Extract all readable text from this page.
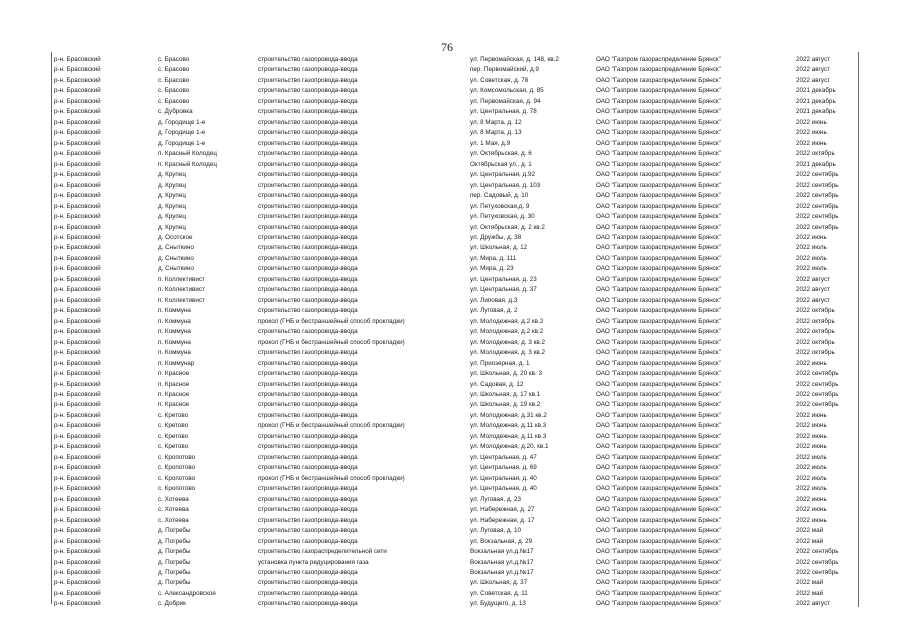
76
р-н. Брасовский	с. Брасово	строительство газопровода-ввода	ул. Первомайская, д. 148, кв.2	ОАО "Газпром газораспределение Брянск"	2022 август
р-н. Брасовский	с. Брасово	строительство газопровода-ввода	пер. Первомайский, д.9	ОАО "Газпром газораспределение Брянск"	2022 август
р-н. Брасовский	с. Брасово	строительство газопровода-ввода	ул. Советская, д. 78	ОАО "Газпром газораспределение Брянск"	2022 август
р-н. Брасовский	с. Брасово	строительство газопровода-ввода	ул. Комсомольская, д. 85	ОАО "Газпром газораспределение Брянск"	2021 декабрь
р-н. Брасовский	с. Брасово	строительство газопровода-ввода	ул. Первомайская, д. 94	ОАО "Газпром газораспределение Брянск"	2021 декабрь
р-н. Брасовский	с. Дубровка	строительство газопровода-ввода	ул. Центральная, д. 78	ОАО "Газпром газораспределение Брянск"	2021 декабрь
р-н. Брасовский	д. Городище 1-е	строительство газопровода-ввода	ул. 8 Марта, д. 12	ОАО "Газпром газораспределение Брянск"	2022 июнь
р-н. Брасовский	д. Городище 1-е	строительство газопровода-ввода	ул. 8 Марта, д. 13	ОАО "Газпром газораспределение Брянск"	2022 июнь
р-н. Брасовский	д. Городище 1-е	строительство газопровода-ввода	ул. 1 Мая, д.9	ОАО "Газпром газораспределение Брянск"	2022 июнь
р-н. Брасовский	п. Красный Колодец	строительство газопровода-ввода	ул. Октябрьская, д. 6	ОАО "Газпром газораспределение Брянск"	2022 октябрь
р-н. Брасовский	п. Красный Колодец	строительство газопровода-ввода	Октябрьская ул., д. 1	ОАО "Газпром газораспределение Брянск"	2021 декабрь
р-н. Брасовский	д. Крупец	строительство газопровода-ввода	ул. Центральная, д.92	ОАО "Газпром газораспределение Брянск"	2022 сентябрь
р-н. Брасовский	д. Крупец	строительство газопровода-ввода	ул. Центральная, д. 103	ОАО "Газпром газораспределение Брянск"	2022 сентябрь
р-н. Брасовский	д. Крупец	строительство газопровода-ввода	пер. Садовый, д. 10	ОАО "Газпром газораспределение Брянск"	2022 сентябрь
р-н. Брасовский	д. Крупец	строительство газопровода-ввода	ул. Петуховская,д. 9	ОАО "Газпром газораспределение Брянск"	2022 сентябрь
р-н. Брасовский	д. Крупец	строительство газопровода-ввода	ул. Петуховская, д. 30	ОАО "Газпром газораспределение Брянск"	2022 сентябрь
р-н. Брасовский	д. Крупец	строительство газопровода-ввода	ул. Октябрьская, д. 2 кв.2	ОАО "Газпром газораспределение Брянск"	2022 сентябрь
р-н. Брасовский	д. Осотское	строительство газопровода-ввода	ул. Дружбы, д. 38	ОАО "Газпром газораспределение Брянск"	2022 июнь
р-н. Брасовский	д. Сныткино	строительство газопровода-ввода	ул. Школьная, д. 12	ОАО "Газпром газораспределение Брянск"	2022 июль
р-н. Брасовский	д. Сныткино	строительство газопровода-ввода	ул. Мира, д. 111	ОАО "Газпром газораспределение Брянск"	2022 июль
р-н. Брасовский	д. Сныткино	строительство газопровода-ввода	ул. Мира, д. 23	ОАО "Газпром газораспределение Брянск"	2022 июль
р-н. Брасовский	п. Коллективист	строительство газопровода-ввода	ул. Центральная, д. 23	ОАО "Газпром газораспределение Брянск"	2022 август
р-н. Брасовский	п. Коллективист	строительство газопровода-ввода	ул. Центральная, д. 37	ОАО "Газпром газораспределение Брянск"	2022 август
р-н. Брасовский	п. Коллективист	строительство газопровода-ввода	ул. Липовая, д.3	ОАО "Газпром газораспределение Брянск"	2022 август
р-н. Брасовский	п. Коммуна	строительство газопровода-ввода	ул. Луговая, д. 2	ОАО "Газпром газораспределение Брянск"	2022 октябрь
р-н. Брасовский	п. Коммуна	прокол (ГНБ и бестраншейный способ прокладки)	ул. Молодежная, д.2 кв.2	ОАО "Газпром газораспределение Брянск"	2022 октябрь
р-н. Брасовский	п. Коммуна	строительство газопровода-ввода	ул. Молодежная, д.2 кв.2	ОАО "Газпром газораспределение Брянск"	2022 октябрь
р-н. Брасовский	п. Коммуна	прокол (ГНБ и бестраншейный способ прокладки)	ул. Молодежная, д. 3 кв.2	ОАО "Газпром газораспределение Брянск"	2022 октябрь
р-н. Брасовский	п. Коммуна	строительство газопровода-ввода	ул. Молодежная, д. 3 кв.2	ОАО "Газпром газораспределение Брянск"	2022 октябрь
р-н. Брасовский	п. Коммунар	строительство газопровода-ввода	ул. Приозерная, д. 1	ОАО "Газпром газораспределение Брянск"	2022 июнь
р-н. Брасовский	п. Красное	строительство газопровода-ввода	ул. Школьная, д. 20 кв. 3	ОАО "Газпром газораспределение Брянск"	2022 сентябрь
р-н. Брасовский	п. Красное	строительство газопровода-ввода	ул. Садовая, д. 12	ОАО "Газпром газораспределение Брянск"	2022 сентябрь
р-н. Брасовский	п. Красное	строительство газопровода-ввода	ул. Школьная, д. 17 кв.1	ОАО "Газпром газораспределение Брянск"	2022 сентябрь
р-н. Брасовский	п. Красное	строительство газопровода-ввода	ул. Школьная, д. 19 кв.2	ОАО "Газпром газораспределение Брянск"	2022 сентябрь
р-н. Брасовский	с. Кретово	строительство газопровода-ввода	ул. Молодежная, д.31 кв.2	ОАО "Газпром газораспределение Брянск"	2022 июнь
р-н. Брасовский	с. Кретово	прокол (ГНБ и бестраншейный способ прокладки)	ул. Молодежная, д.11 кв.3	ОАО "Газпром газораспределение Брянск"	2022 июнь
р-н. Брасовский	с. Кретово	строительство газопровода-ввода	ул. Молодежная, д.11 кв.3	ОАО "Газпром газораспределение Брянск"	2022 июнь
р-н. Брасовский	с. Кретово	строительство газопровода-ввода	ул. Молодежная, д.20, кв.1	ОАО "Газпром газораспределение Брянск"	2022 июнь
р-н. Брасовский	с. Кропотово	строительство газопровода-ввода	ул. Центральная, д. 47	ОАО "Газпром газораспределение Брянск"	2022 июль
р-н. Брасовский	с. Кропотово	строительство газопровода-ввода	ул. Центральная, д. 69	ОАО "Газпром газораспределение Брянск"	2022 июль
р-н. Брасовский	с. Кропотово	прокол (ГНБ и бестраншейный способ прокладки)	ул. Центральная, д. 40	ОАО "Газпром газораспределение Брянск"	2022 июль
р-н. Брасовский	с. Кропотово	строительство газопровода-ввода	ул. Центральная, д. 40	ОАО "Газпром газораспределение Брянск"	2022 июль
р-н. Брасовский	с. Хотеева	строительство газопровода-ввода	ул. Луговая, д. 23	ОАО "Газпром газораспределение Брянск"	2022 июнь
р-н. Брасовский	с. Хотеева	строительство газопровода-ввода	ул. Набережная, д. 27	ОАО "Газпром газораспределение Брянск"	2022 июнь
р-н. Брасовский	с. Хотеева	строительство газопровода-ввода	ул. Набережная, д. 17	ОАО "Газпром газораспределение Брянск"	2022 июнь
р-н. Брасовский	д. Погребы	строительство газопровода-ввода	ул. Луговая, д. 10	ОАО "Газпром газораспределение Брянск"	2022 май
р-н. Брасовский	д. Погребы	строительство газопровода-ввода	ул. Вокзальная, д. 29	ОАО "Газпром газораспределение Брянск"	2022 май
р-н. Брасовский	д. Погребы	строительство газораспределительной сети	Вокзальная ул.д.№17	ОАО "Газпром газораспределение Брянск"	2022 сентябрь
р-н. Брасовский	д. Погребы	установка пункта редуцирования газа	Вокзальная ул.д.№17	ОАО "Газпром газораспределение Брянск"	2022 сентябрь
р-н. Брасовский	д. Погребы	строительство газопровода-ввода	Вокзальная ул.д.№17	ОАО "Газпром газораспределение Брянск"	2022 сентябрь
р-н. Брасовский	д. Погребы	строительство газопровода-ввода	ул. Школьная, д. 37	ОАО "Газпром газораспределение Брянск"	2022 май
р-н. Брасовский	с. Александровское	строительство газопровода-ввода	ул. Советская, д. 11	ОАО "Газпром газораспределение Брянск"	2022 май
р-н. Брасовский	с. Добрик	строительство газопровода-ввода	ул. Будущего, д. 13	ОАО "Газпром газораспределение Брянск"	2022 август
